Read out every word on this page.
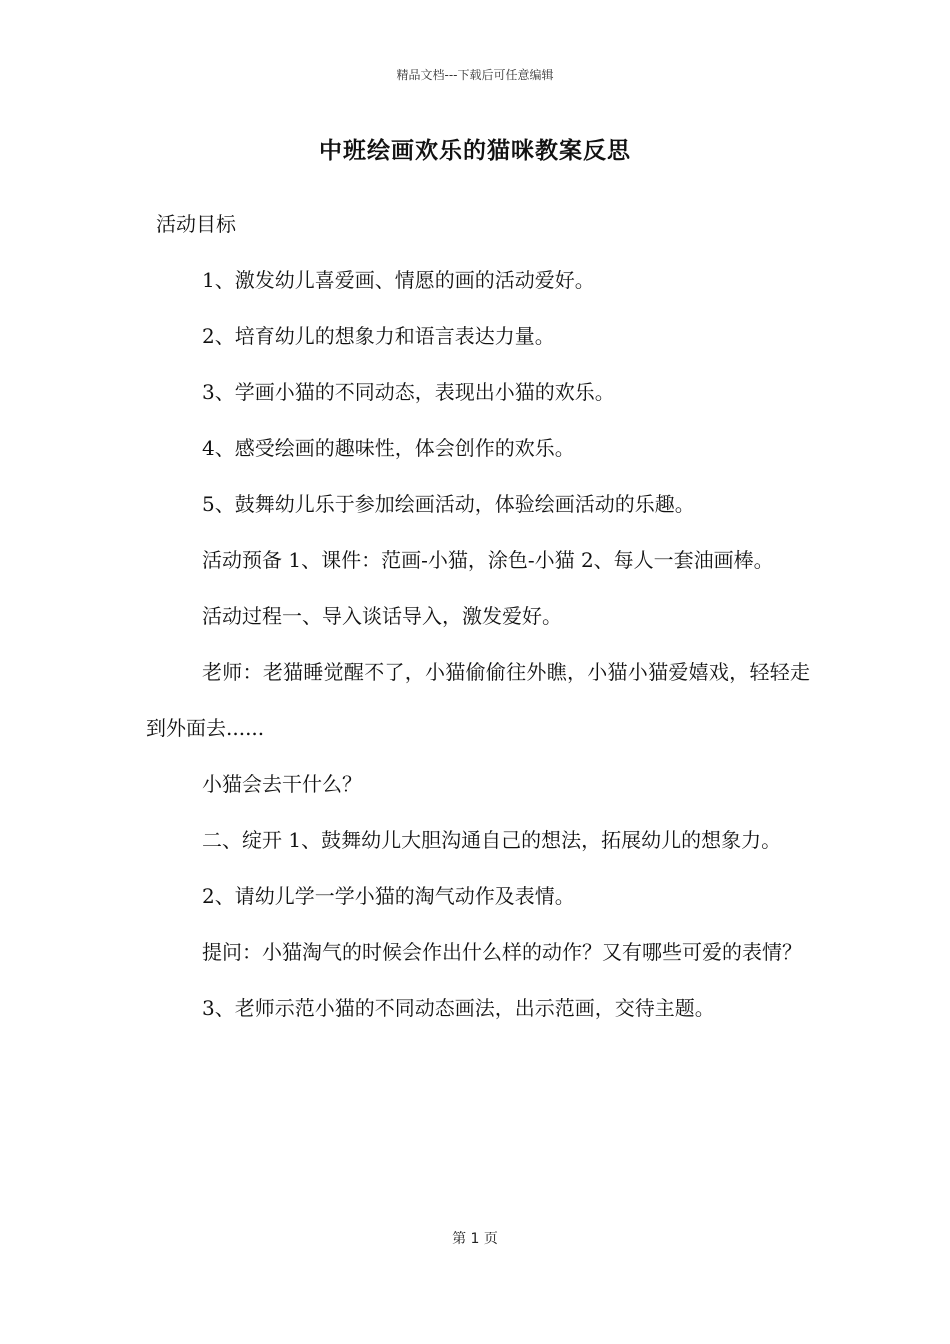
精品文档---下载后可任意编辑
中班绘画欢乐的猫咪教案反思

活动目标

1、激发幼儿喜爱画、情愿的画的活动爱好。

2、培育幼儿的想象力和语言表达力量。

3、学画小猫的不同动态，表现出小猫的欢乐。

4、感受绘画的趣味性，体会创作的欢乐。

5、鼓舞幼儿乐于参加绘画活动，体验绘画活动的乐趣。

活动预备 1、课件：范画-小猫，涂色-小猫 2、每人一套油画棒。

活动过程一、导入谈话导入，激发爱好。

老师：老猫睡觉醒不了，小猫偷偷往外瞧，小猫小猫爱嬉戏，轻轻走到外面去......

小猫会去干什么？

二、绽开 1、鼓舞幼儿大胆沟通自己的想法，拓展幼儿的想象力。

2、请幼儿学一学小猫的淘气动作及表情。

提问：小猫淘气的时候会作出什么样的动作？又有哪些可爱的表情？

3、老师示范小猫的不同动态画法，出示范画，交待主题。

第 1 页
